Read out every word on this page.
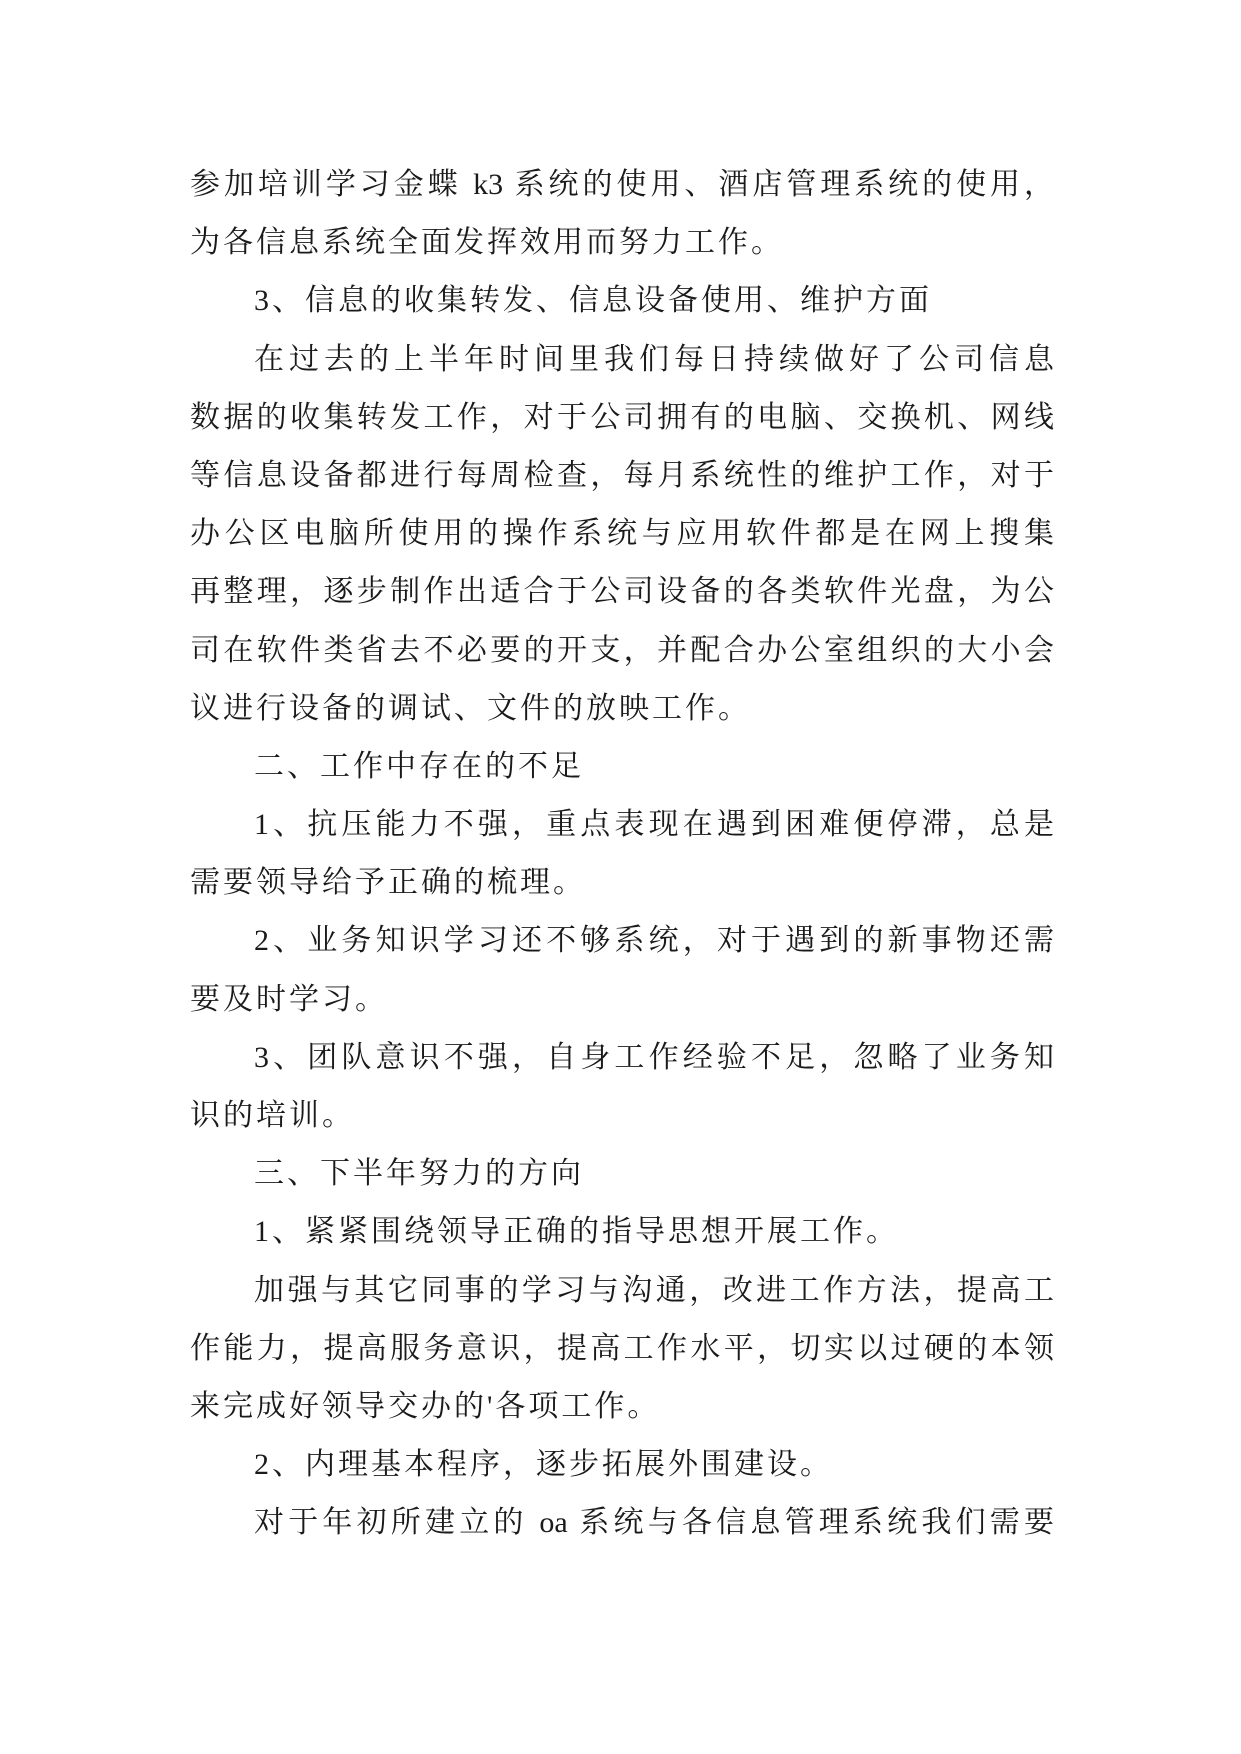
参加培训学习金蝶 k3 系统的使用、酒店管理系统的使用，
为各信息系统全面发挥效用而努力工作。
3、信息的收集转发、信息设备使用、维护方面
在过去的上半年时间里我们每日持续做好了公司信息
数据的收集转发工作，对于公司拥有的电脑、交换机、网线
等信息设备都进行每周检查，每月系统性的维护工作，对于
办公区电脑所使用的操作系统与应用软件都是在网上搜集
再整理，逐步制作出适合于公司设备的各类软件光盘，为公
司在软件类省去不必要的开支，并配合办公室组织的大小会
议进行设备的调试、文件的放映工作。
二、工作中存在的不足
1、抗压能力不强，重点表现在遇到困难便停滞，总是
需要领导给予正确的梳理。
2、业务知识学习还不够系统，对于遇到的新事物还需
要及时学习。
3、团队意识不强，自身工作经验不足，忽略了业务知
识的培训。
三、下半年努力的方向
1、紧紧围绕领导正确的指导思想开展工作。
加强与其它同事的学习与沟通，改进工作方法，提高工
作能力，提高服务意识，提高工作水平，切实以过硬的本领
来完成好领导交办的'各项工作。
2、内理基本程序，逐步拓展外围建设。
对于年初所建立的 oa 系统与各信息管理系统我们需要
